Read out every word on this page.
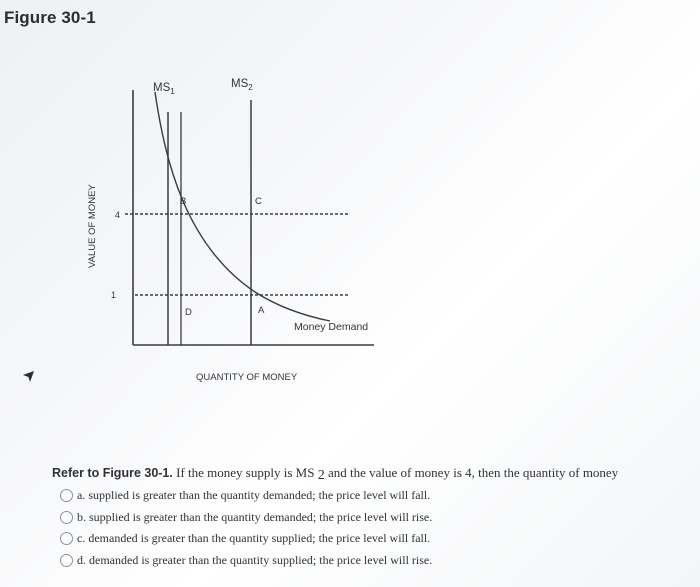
Figure 30-1
$MS_1$
$MS_2$
B	C
D	A
4
1
Money Demand
QUANTITY OF MONEY
VALUE OF MONEY
Refer to Figure 30-1. If the money supply is MS 2 and the value of money is 4, then the quantity of money
a. supplied is greater than the quantity demanded; the price level will fall.
b. supplied is greater than the quantity demanded; the price level will rise.
c. demanded is greater than the quantity supplied; the price level will fall.
d. demanded is greater than the quantity supplied; the price level will rise.
